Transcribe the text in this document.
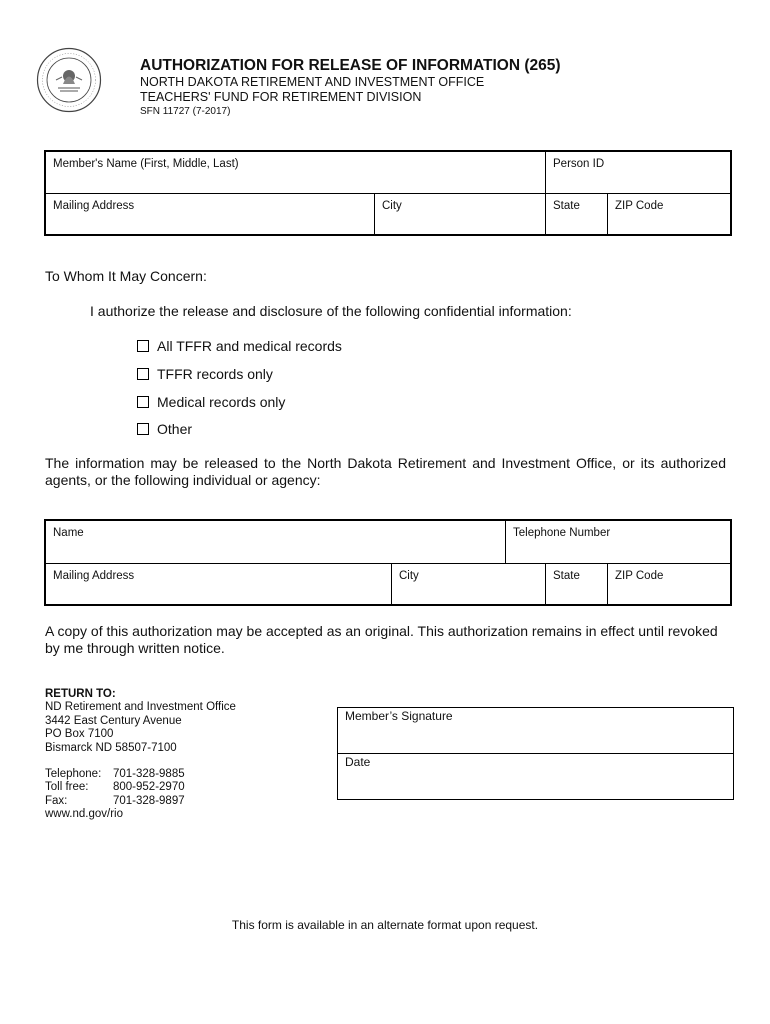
AUTHORIZATION FOR RELEASE OF INFORMATION (265)
NORTH DAKOTA RETIREMENT AND INVESTMENT OFFICE
TEACHERS' FUND FOR RETIREMENT DIVISION
SFN 11727 (7-2017)
Member's Name (First, Middle, Last)	Person ID
Mailing Address	City	State	ZIP Code
To Whom It May Concern:
I authorize the release and disclosure of the following confidential information:
All TFFR and medical records
TFFR records only
Medical records only
Other
The information may be released to the North Dakota Retirement and Investment Office, or its authorized agents, or the following individual or agency:
Name	Telephone Number
Mailing Address	City	State	ZIP Code
A copy of this authorization may be accepted as an original. This authorization remains in effect until revoked by me through written notice.
RETURN TO:
ND Retirement and Investment Office
3442 East Century Avenue
PO Box 7100
Bismarck ND 58507-7100
Telephone: 701-328-9885
Toll free: 800-952-2970
Fax:	701-328-9897
www.nd.gov/rio
Member’s Signature
Date
This form is available in an alternate format upon request.
